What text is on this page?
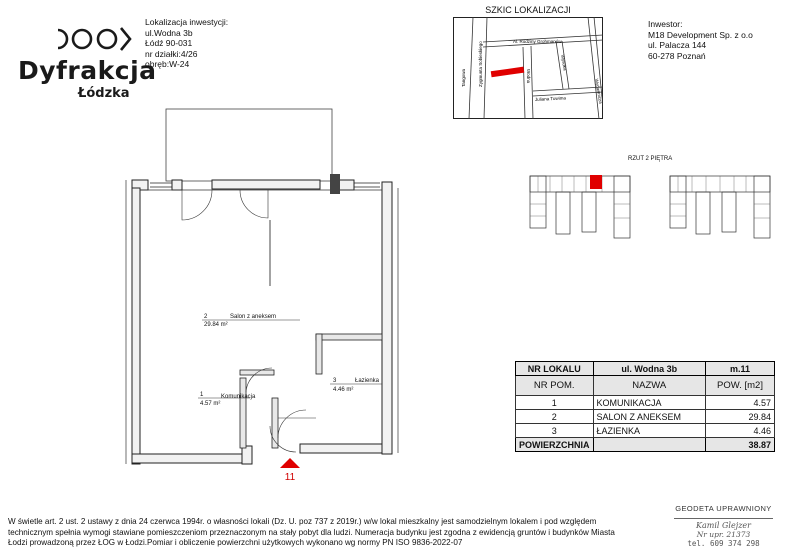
Dyfrakcja
Łódzka
Lokalizacja inwestycji:
ul.Wodna 3b
Łódź 90-031
nr działki:4/26
obręb:W-24
SZKIC LOKALIZACJI
Al. Rodziny Grohmanów
Tangowa	Zygmunta Sobieskiego	Wodna
Juliana Tuwima
Wysoka
Wydawnicza
Inwestor:
M18 Development Sp. z o.o
ul. Palacza 144
60-278 Poznań
RZUT 2 PIĘTRA
2	Salon z aneksem
29.84 m²
3	Łazienka
4.46 m²
1	Komunikacja
4.57 m²
11
NR LOKALU	ul. Wodna 3b	m.11
NR POM.	NAZWA	POW. [m2]
1	KOMUNIKACJA	4.57
2	SALON Z ANEKSEM	29.84
3	ŁAZIENKA	4.46
POWIERZCHNIA		38.87
W świetle art. 2 ust. 2 ustawy z dnia 24 czerwca 1994r. o własności lokali (Dz. U. poz 737 z 2019r.) w/w lokal mieszkalny jest samodzielnym lokalem i pod względem
technicznym spełnia wymogi stawiane pomieszczeniom przeznaczonym na stały pobyt dla ludzi. Numeracja budynku jest zgodna z ewidencją gruntów i budynków Miasta
Łodzi prowadzoną przez ŁOG w Łodzi.Pomiar i obliczenie powierzchni użytkowych wykonano wg normy PN ISO 9836-2022-07
GEODETA UPRAWNIONY
Kamil Glejzer
Nr upr. 21373
tel. 609 374 298
